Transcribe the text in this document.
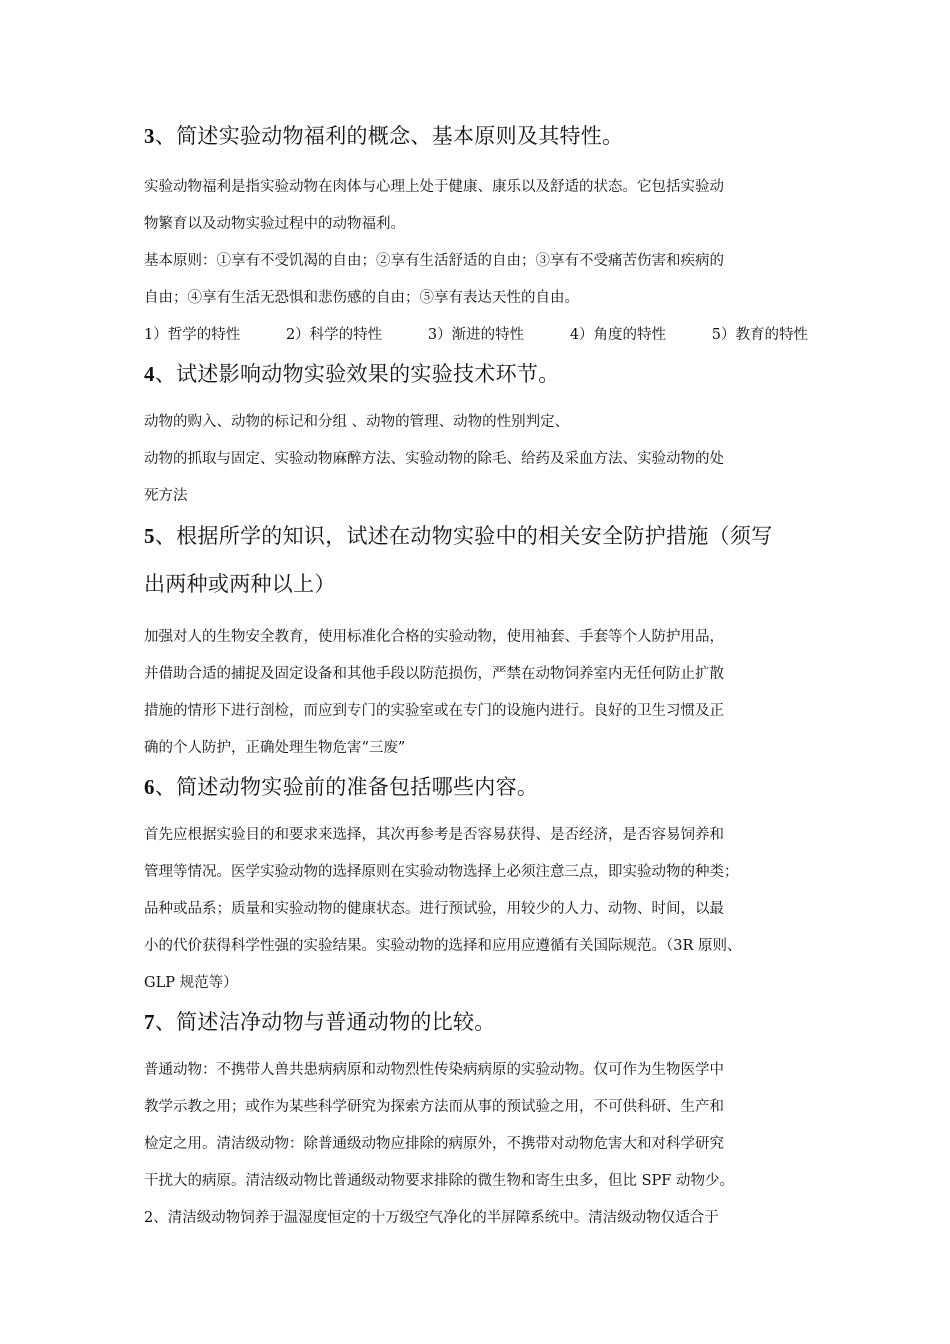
3、简述实验动物福利的概念、基本原则及其特性。
实验动物福利是指实验动物在肉体与心理上处于健康、康乐以及舒适的状态。它包括实验动
物繁育以及动物实验过程中的动物福利。
基本原则：①享有不受饥渴的自由；②享有生活舒适的自由；③享有不受痛苦伤害和疾病的
自由；④享有生活无恐惧和悲伤感的自由；⑤享有表达天性的自由。
1）哲学的特性	2）科学的特性	3）渐进的特性	4）角度的特性	5）教育的特性
4、试述影响动物实验效果的实验技术环节。
动物的购入、动物的标记和分组 、动物的管理、动物的性别判定、
动物的抓取与固定、实验动物麻醉方法、实验动物的除毛、给药及采血方法、实验动物的处
死方法
5、根据所学的知识，试述在动物实验中的相关安全防护措施（须写
出两种或两种以上）
加强对人的生物安全教育，使用标准化合格的实验动物，使用袖套、手套等个人防护用品，
并借助合适的捕捉及固定设备和其他手段以防范损伤，严禁在动物饲养室内无任何防止扩散
措施的情形下进行剖检，而应到专门的实验室或在专门的设施内进行。良好的卫生习惯及正
确的个人防护，正确处理生物危害“三废”
6、简述动物实验前的准备包括哪些内容。
首先应根据实验目的和要求来选择，其次再参考是否容易获得、是否经济，是否容易饲养和
管理等情况。医学实验动物的选择原则在实验动物选择上必须注意三点，即实验动物的种类；
品种或品系；质量和实验动物的健康状态。进行预试验，用较少的人力、动物、时间，以最
小的代价获得科学性强的实验结果。实验动物的选择和应用应遵循有关国际规范。（3R 原则、
GLP 规范等）
7、简述洁净动物与普通动物的比较。
普通动物：不携带人兽共患病病原和动物烈性传染病病原的实验动物。仅可作为生物医学中
教学示教之用；或作为某些科学研究为探索方法而从事的预试验之用，不可供科研、生产和
检定之用。清洁级动物：除普通级动物应排除的病原外，不携带对动物危害大和对科学研究
干扰大的病原。清洁级动物比普通级动物要求排除的微生物和寄生虫多，但比 SPF 动物少。
2、清洁级动物饲养于温湿度恒定的十万级空气净化的半屏障系统中。清洁级动物仅适合于
